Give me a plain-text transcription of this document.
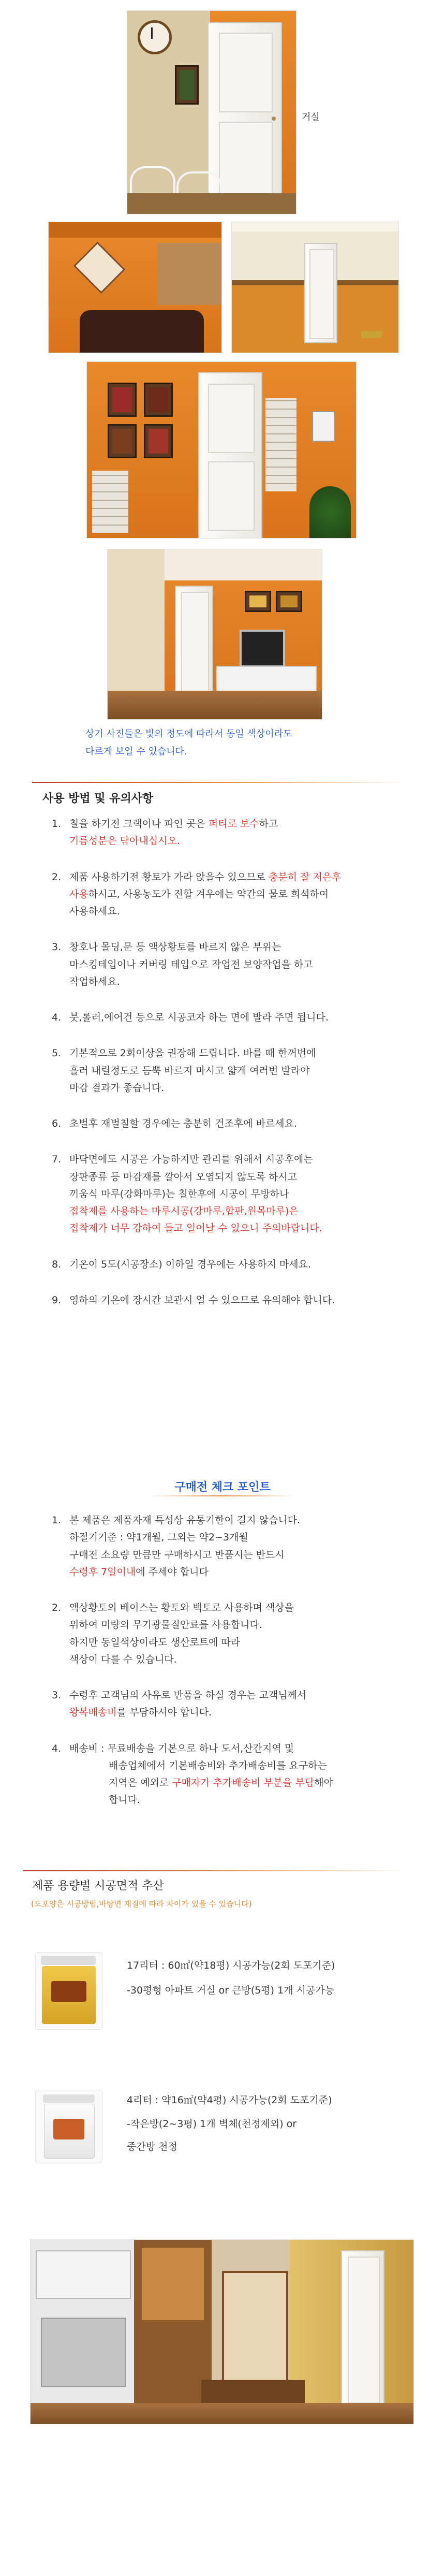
거실
상기 사진들은 빛의 정도에 따라서 동일 색상이라도
다르게 보일 수 있습니다.
사용 방법 및 유의사항
1. 칠을 하기전 크랙이나 파인 곳은 퍼티로 보수하고
기름성분은 닦아내십시오.
2. 제품 사용하기전 황토가 가라 앉을수 있으므로 충분히 잘 저은후
사용하시고, 사용농도가 진할 겨우에는 약간의 물로 희석하여
사용하세요.
3. 창호나 몰딩,문 등 액상황토를 바르지 않은 부위는
마스킹테입이나 커버링 테입으로 작업전 보양작업을 하고
작업하세요.
4. 붓,롤러,에어건 등으로 시공코자 하는 면에 발라 주면 됩니다.
5. 기본적으로 2회이상을 권장해 드립니다. 바를 때 한꺼번에
흘러 내릴정도로 듬뿍 바르지 마시고 얇게 여러번 발라야
마감 결과가 좋습니다.
6. 초벌후 재벌칠할 경우에는 충분히 건조후에 바르세요.
7. 바닥면에도 시공은 가능하지만 관리를 위해서 시공후에는
장판종류 등 마감재를 깔아서 오염되지 않도록 하시고
끼움식 마루(강화마루)는 칠한후에 시공이 무방하나
접착제를 사용하는 마루시공(강마루,합판,원목마루)은
접착제가 너무 강하여 들고 일어날 수 있으니 주의바랍니다.
8. 기온이 5도(시공장소) 이하일 경우에는 사용하지 마세요.
9. 영하의 기온에 장시간 보관시 얼 수 있으므로 유의해야 합니다.
구매전 체크 포인트
1. 본 제품은 제품자재 특성상 유통기한이 길지 않습니다.
하절기기준 : 약1개월, 그외는 약2~3개월
구매전 소요량 만큼만 구매하시고 반품시는 반드시
수령후 7일이내에 주세야 합니다
2. 액상황토의 베이스는 황토와 백토로 사용하며 색상을
위하여 미량의 무기광물질안료를 사용합니다.
하지만 동일색상이라도 생산로트에 따라
색상이 다를 수 있습니다.
3. 수령후 고객님의 사유로 반품을 하실 경우는 고객님께서
왕복배송비를 부담하셔야 합니다.
4. 배송비 : 무료배송을 기본으로 하나 도서,산간지역 및
배송업체에서 기본배송비와 추가배송비를 요구하는
지역은 예외로 구매자가 추가배송비 부분을 부담해야
합니다.
제품 용량별 시공면적 추산
(도포양은 시공방법,바탕면 재질에 따라 차이가 있을 수 있습니다)
17리터 : 60㎡(약18평) 시공가능(2회 도포기준)
-30평형 아파트 거실 or 큰방(5평) 1개 시공가능
4리터 : 약16㎡(약4평) 시공가능(2회 도포기준)
-작은방(2~3평) 1개 벽체(천정제외) or
중간방 천정
